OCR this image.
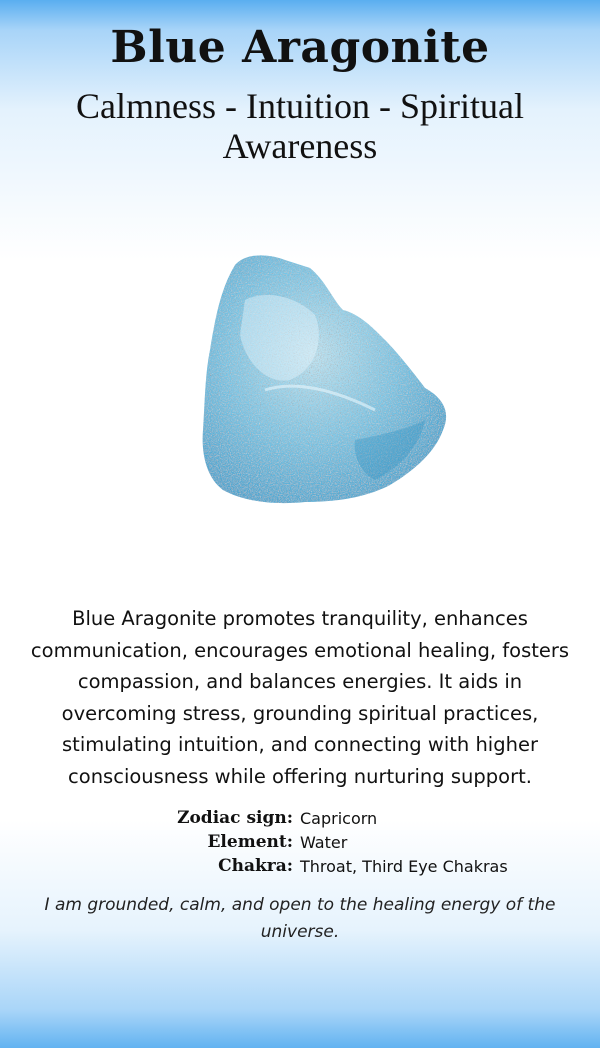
Blue Aragonite
Calmness - Intuition - Spiritual Awareness
Blue Aragonite promotes tranquility, enhances communication, encourages emotional healing, fosters compassion, and balances energies. It aids in overcoming stress, grounding spiritual practices, stimulating intuition, and connecting with higher consciousness while offering nurturing support.
Zodiac sign: Capricorn
Element: Water
Chakra: Throat, Third Eye Chakras
I am grounded, calm, and open to the healing energy of the universe.
